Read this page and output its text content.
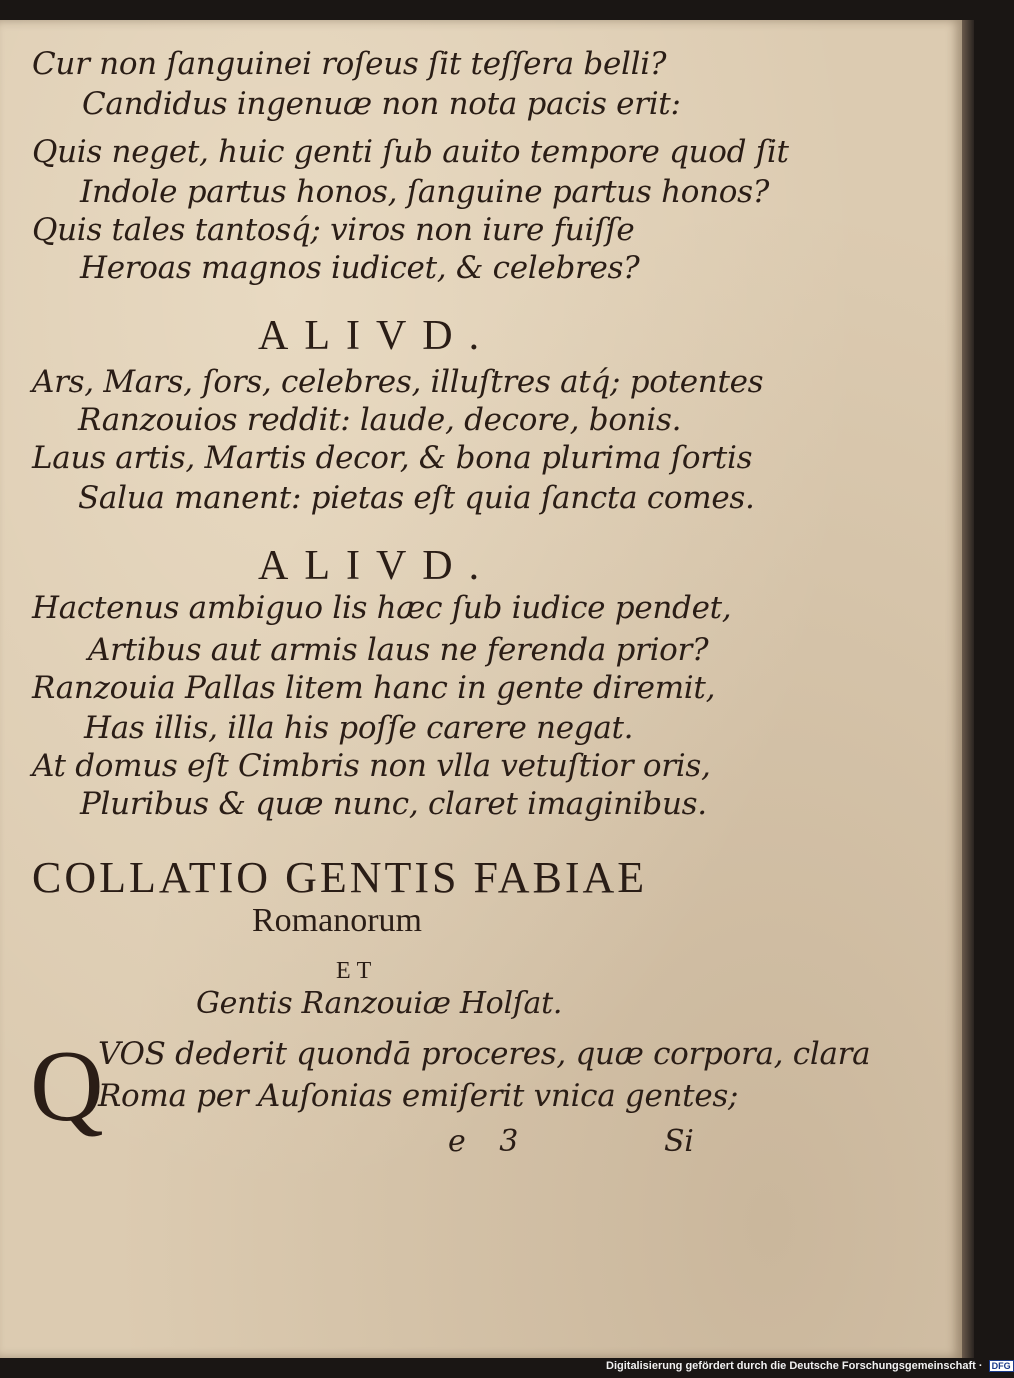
Cur non ſanguinei roſeus ſit teſſera belli?
Candidus ingenuæ non nota pacis erit:
Quis neget, huic genti ſub auito tempore quod ſit
Indole partus honos, ſanguine partus honos?
Quis tales tantosq́; viros non iure fuiſſe
Heroas magnos iudicet, & celebres?
ALIVD.
Ars, Mars, ſors, celebres, illuſtres atq́; potentes
Ranzouios reddit: laude, decore, bonis.
Laus artis, Martis decor, & bona plurima ſortis
Salua manent: pietas eſt quia ſancta comes.
ALIVD.
Hactenus ambiguo lis hæc ſub iudice pendet,
Artibus aut armis laus ne ferenda prior?
Ranzouia Pallas litem hanc in gente diremit,
Has illis, illa his poſſe carere negat.
At domus eſt Cimbris non vlla vetuſtior oris,
Pluribus & quæ nunc, claret imaginibus.
COLLATIO GENTIS FABIAE
Romanorum
ET
Gentis Ranzouiæ Holſat.
Q
VOS dederit quondā proceres, quæ corpora, clara
Roma per Auſonias emiſerit vnica gentes;
e 3	Si
Digitalisierung gefördert durch die Deutsche Forschungsgemeinschaft · DFG
